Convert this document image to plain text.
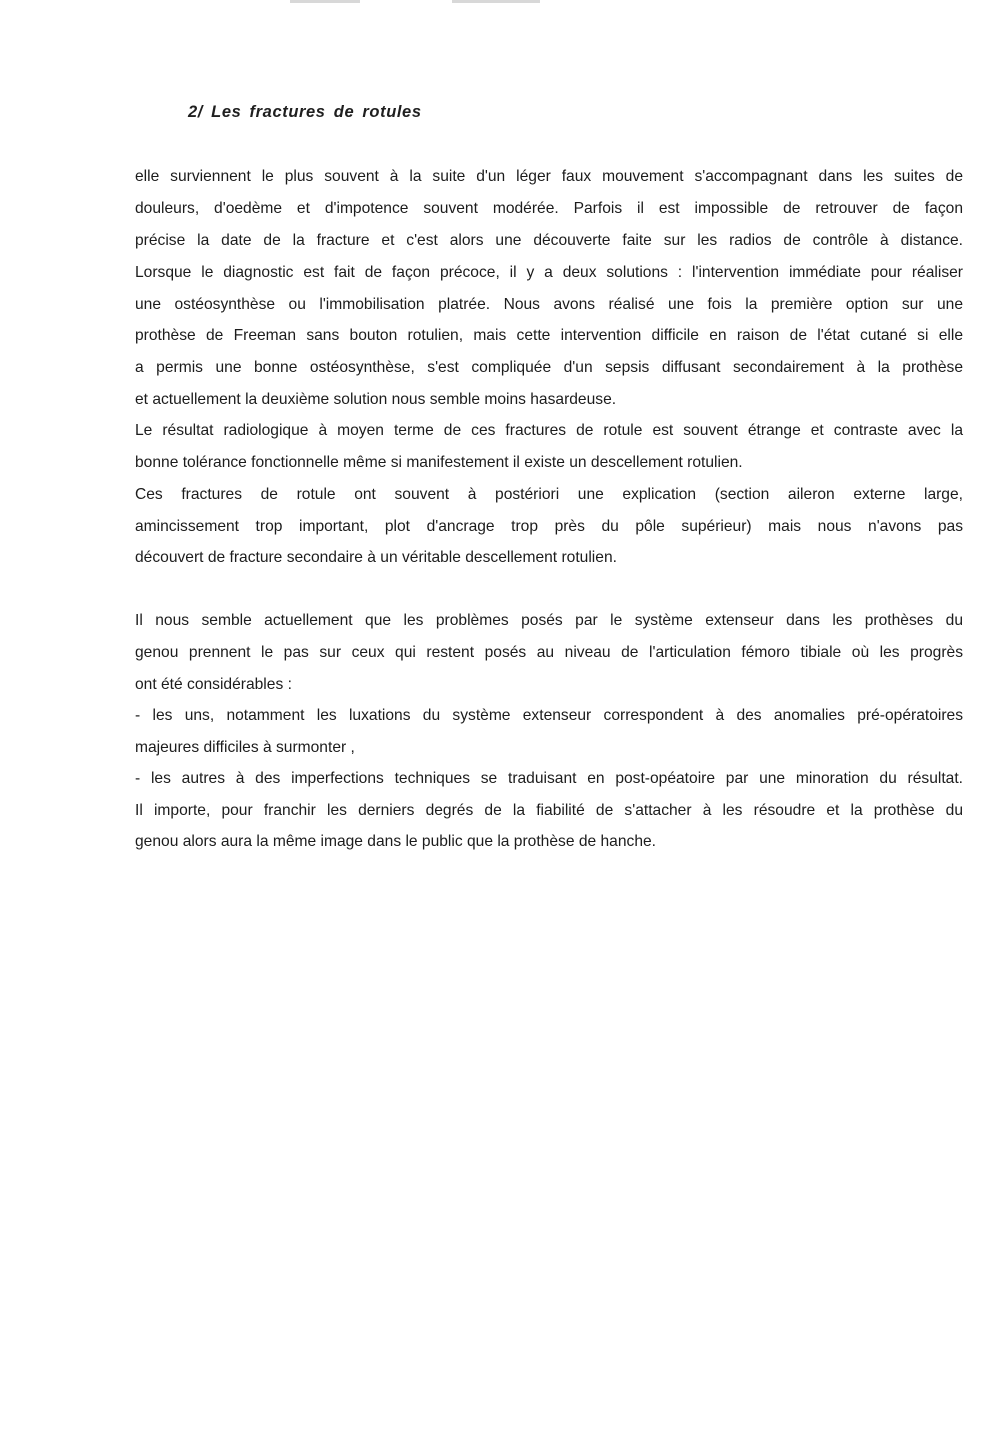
2/ Les fractures de rotules
elle surviennent le plus souvent à la suite d'un léger faux mouvement s'accompagnant dans les suites de
douleurs, d'oedème et d'impotence souvent modérée. Parfois il est impossible de retrouver de façon
précise la date de la fracture et c'est alors une découverte faite sur les radios de contrôle à distance.
Lorsque le diagnostic est fait de façon précoce, il y a deux solutions : l'intervention immédiate pour réaliser
une ostéosynthèse ou l'immobilisation platrée. Nous avons réalisé une fois la première option sur une
prothèse de Freeman sans bouton rotulien, mais cette intervention difficile en raison de l'état cutané si elle
a permis une bonne ostéosynthèse, s'est compliquée d'un sepsis diffusant secondairement à la prothèse
et actuellement la deuxième solution nous semble moins hasardeuse.
Le résultat radiologique à moyen terme de ces fractures de rotule est souvent étrange et contraste avec la
bonne tolérance fonctionnelle même si manifestement il existe un descellement rotulien.
Ces fractures de rotule ont souvent à postériori une explication (section aileron externe large,
amincissement trop important, plot d'ancrage trop près du pôle supérieur) mais nous n'avons pas
découvert de fracture secondaire à un véritable descellement rotulien.
Il nous semble actuellement que les problèmes posés par le système extenseur dans les prothèses du
genou prennent le pas sur ceux qui restent posés au niveau de l'articulation fémoro tibiale où les progrès
ont été considérables :
- les uns, notamment les luxations du système extenseur correspondent à des anomalies pré-opératoires
majeures difficiles à surmonter ,
- les autres à des imperfections techniques se traduisant en post-opéatoire par une minoration du résultat.
Il importe, pour franchir les derniers degrés de la fiabilité de s'attacher à les résoudre et la prothèse du
genou alors aura la même image dans le public que la prothèse de hanche.
